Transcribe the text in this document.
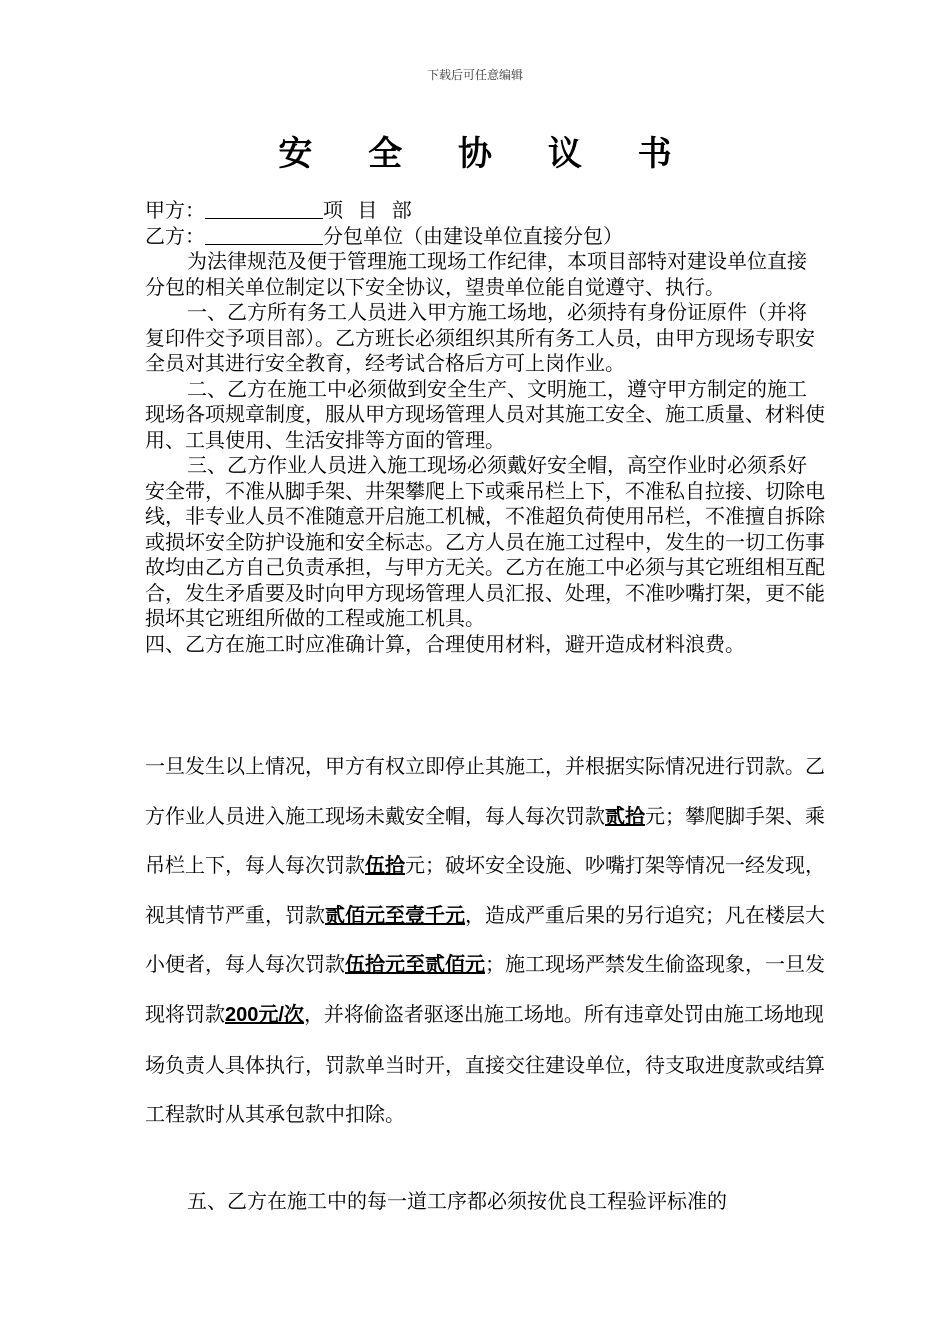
下载后可任意编辑
安 全 协 议 书

甲方：	项 目 部

乙方：	分包单位（由建设单位直接分包）

为法律规范及便于管理施工现场工作纪律，本项目部特对建设单位直接分包的相关单位制定以下安全协议，望贵单位能自觉遵守、执行。

一、乙方所有务工人员进入甲方施工场地，必须持有身份证原件（并将复印件交予项目部）。乙方班长必须组织其所有务工人员，由甲方现场专职安全员对其进行安全教育，经考试合格后方可上岗作业。

二、乙方在施工中必须做到安全生产、文明施工，遵守甲方制定的施工现场各项规章制度，服从甲方现场管理人员对其施工安全、施工质量、材料使用、工具使用、生活安排等方面的管理。

三、乙方作业人员进入施工现场必须戴好安全帽，高空作业时必须系好安全带，不准从脚手架、井架攀爬上下或乘吊栏上下，不准私自拉接、切除电线，非专业人员不准随意开启施工机械，不准超负荷使用吊栏，不准擅自拆除或损坏安全防护设施和安全标志。乙方人员在施工过程中，发生的一切工伤事故均由乙方自己负责承担，与甲方无关。乙方在施工中必须与其它班组相互配合，发生矛盾要及时向甲方现场管理人员汇报、处理，不准吵嘴打架，更不能损坏其它班组所做的工程或施工机具。

四、乙方在施工时应准确计算，合理使用材料，避开造成材料浪费。

一旦发生以上情况，甲方有权立即停止其施工，并根据实际情况进行罚款。乙方作业人员进入施工现场未戴安全帽，每人每次罚款贰拾元；攀爬脚手架、乘吊栏上下，每人每次罚款伍拾元；破坏安全设施、吵嘴打架等情况一经发现，视其情节严重，罚款贰佰元至壹千元，造成严重后果的另行追究；凡在楼层大小便者，每人每次罚款伍拾元至贰佰元；施工现场严禁发生偷盗现象，一旦发现将罚款200元/次，并将偷盗者驱逐出施工场地。所有违章处罚由施工场地现场负责人具体执行，罚款单当时开，直接交往建设单位，待支取进度款或结算工程款时从其承包款中扣除。

五、乙方在施工中的每一道工序都必须按优良工程验评标准的
